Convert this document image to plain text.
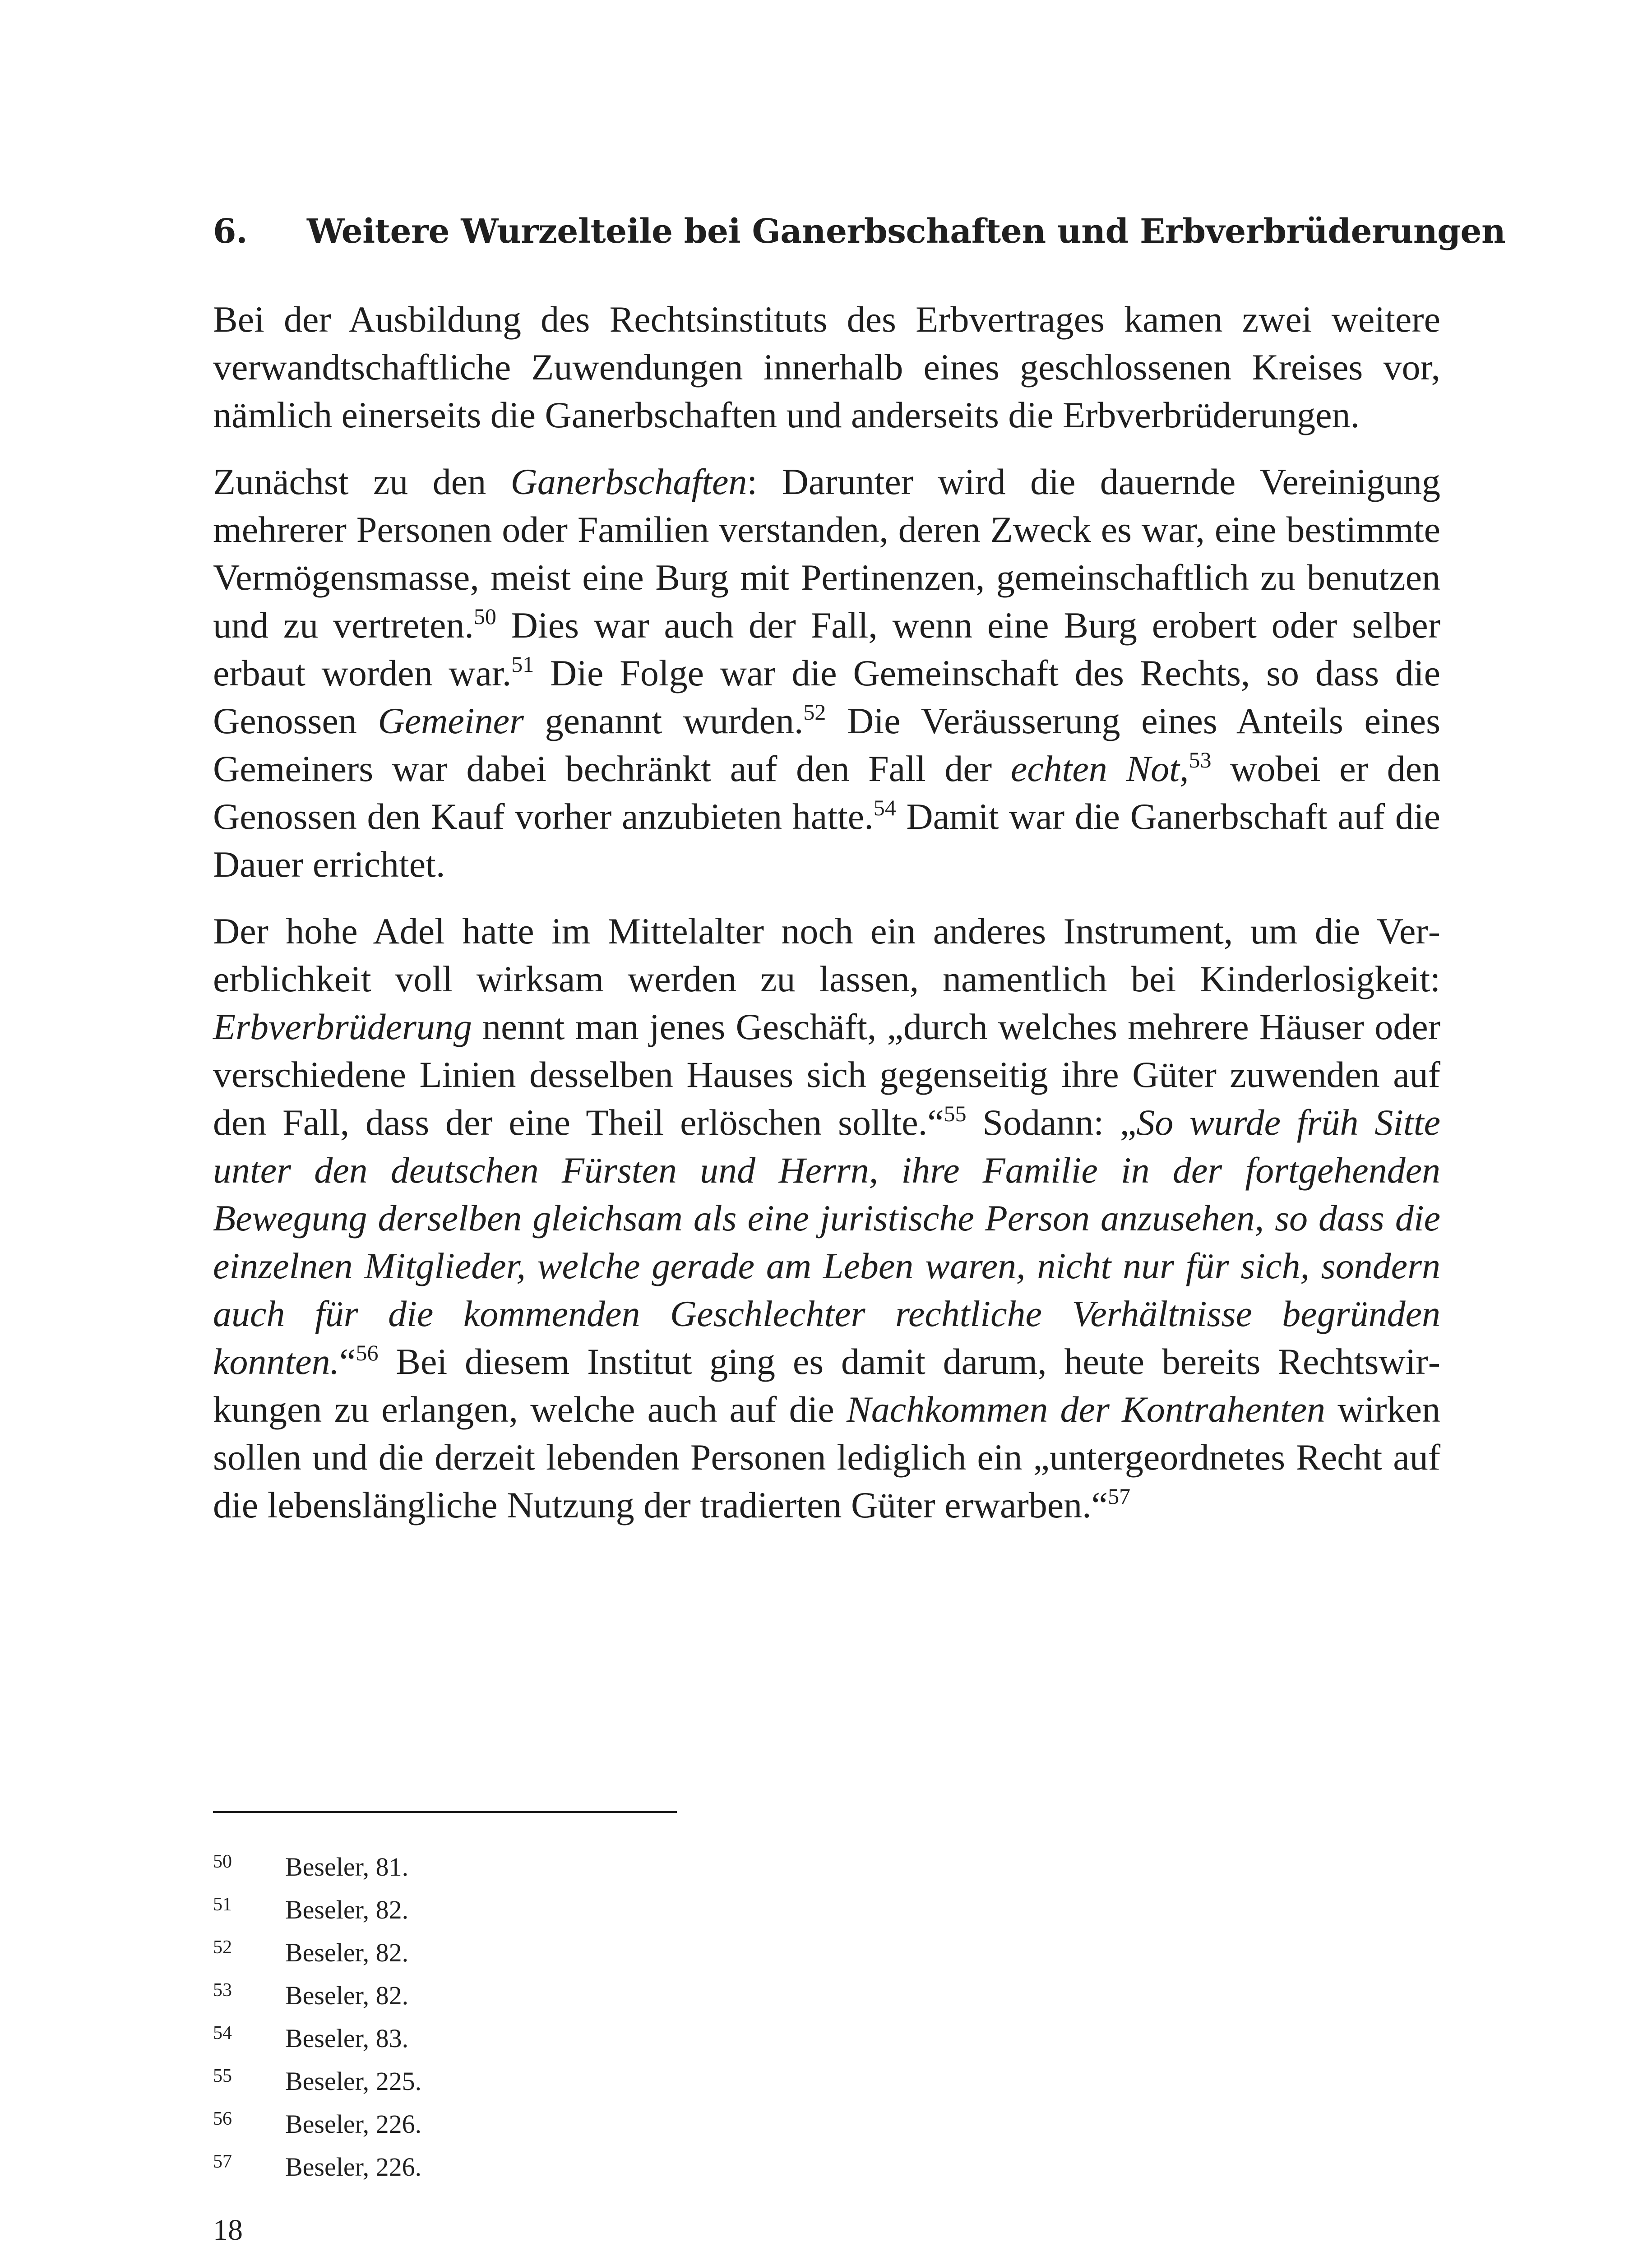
6. Weitere Wurzelteile bei Ganerbschaften und Erbverbrüderungen

Bei der Ausbildung des Rechtsinstituts des Erbvertrages kamen zwei weitere verwandtschaftliche Zuwendungen innerhalb eines geschlossenen Kreises vor, nämlich einerseits die Ganerbschaften und anderseits die Erbverbrüderungen.

Zunächst zu den Ganerbschaften: Darunter wird die dauernde Vereinigung mehrerer Personen oder Familien verstanden, deren Zweck es war, eine bestimmte Vermögensmasse, meist eine Burg mit Pertinenzen, gemeinschaftlich zu benutzen und zu vertreten.$^{50}$ Dies war auch der Fall, wenn eine Burg erobert oder selber erbaut worden war.$^{51}$ Die Folge war die Gemeinschaft des Rechts, so dass die Genossen Gemeiner genannt wurden.$^{52}$ Die Veräusserung eines Anteils eines Gemeiners war dabei bechränkt auf den Fall der echten Not,$^{53}$ wobei er den Genossen den Kauf vorher anzubieten hatte.$^{54}$ Damit war die Ganerbschaft auf die Dauer errichtet.

Der hohe Adel hatte im Mittelalter noch ein anderes Instrument, um die Vererblichkeit voll wirksam werden zu lassen, namentlich bei Kinderlosigkeit: Erbverbrüderung nennt man jenes Geschäft, „durch welches mehrere Häuser oder verschiedene Linien desselben Hauses sich gegenseitig ihre Güter zuwenden auf den Fall, dass der eine Theil erlöschen sollte.“$^{55}$ Sodann: „So wurde früh Sitte unter den deutschen Fürsten und Herrn, ihre Familie in der fortgehenden Bewegung derselben gleichsam als eine juristische Person anzusehen, so dass die einzelnen Mitglieder, welche gerade am Leben waren, nicht nur für sich, sondern auch für die kommenden Geschlechter rechtliche Verhältnisse begründen konnten.“$^{56}$ Bei diesem Institut ging es damit darum, heute bereits Rechtswirkungen zu erlangen, welche auch auf die Nachkommen der Kontrahenten wirken sollen und die derzeit lebenden Personen lediglich ein „untergeordnetes Recht auf die lebenslängliche Nutzung der tradierten Güter erwarben.“$^{57}$

50	Beseler, 81.
51	Beseler, 82.
52	Beseler, 82.
53	Beseler, 82.
54	Beseler, 83.
55	Beseler, 225.
56	Beseler, 226.
57	Beseler, 226.
18
